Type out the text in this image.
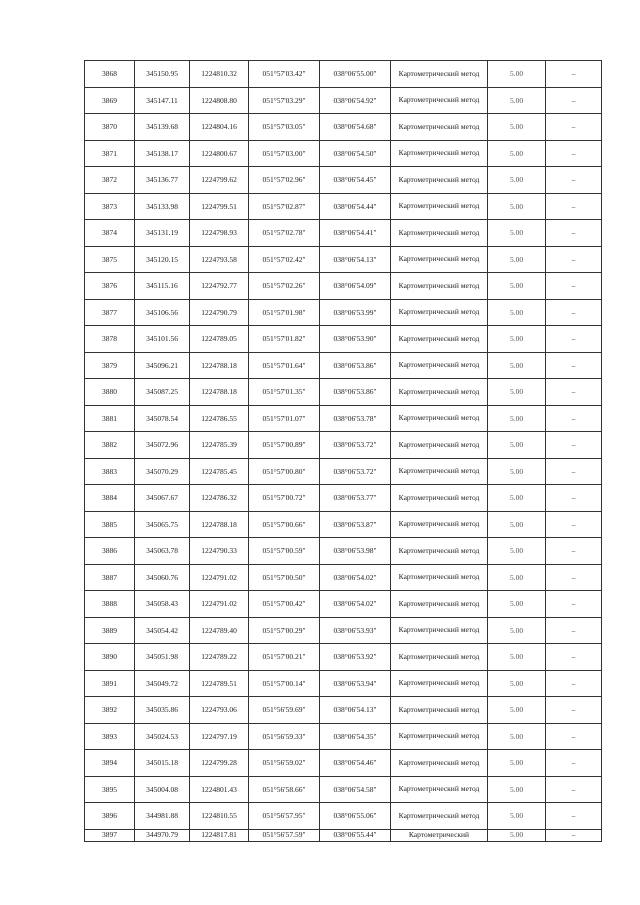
3868	345150.95	1224810.32	051°57'03.42"	038°06'55.00"	Картометрический метод	5.00	–
3869	345147.11	1224808.80	051°57'03.29"	038°06'54.92"	Картометрический метод	5.00	–
3870	345139.68	1224804.16	051°57'03.05"	038°06'54.68"	Картометрический метод	5.00	–
3871	345138.17	1224800.67	051°57'03.00"	038°06'54.50"	Картометрический метод	5.00	–
3872	345136.77	1224799.62	051°57'02.96"	038°06'54.45"	Картометрический метод	5.00	–
3873	345133.98	1224799.51	051°57'02.87"	038°06'54.44"	Картометрический метод	5.00	–
3874	345131.19	1224798.93	051°57'02.78"	038°06'54.41"	Картометрический метод	5.00	–
3875	345120.15	1224793.58	051°57'02.42"	038°06'54.13"	Картометрический метод	5.00	–
3876	345115.16	1224792.77	051°57'02.26"	038°06'54.09"	Картометрический метод	5.00	–
3877	345106.56	1224790.79	051°57'01.98"	038°06'53.99"	Картометрический метод	5.00	–
3878	345101.56	1224789.05	051°57'01.82"	038°06'53.90"	Картометрический метод	5.00	–
3879	345096.21	1224788.18	051°57'01.64"	038°06'53.86"	Картометрический метод	5.00	–
3880	345087.25	1224788.18	051°57'01.35"	038°06'53.86"	Картометрический метод	5.00	–
3881	345078.54	1224786.55	051°57'01.07"	038°06'53.78"	Картометрический метод	5.00	–
3882	345072.96	1224785.39	051°57'00.89"	038°06'53.72"	Картометрический метод	5.00	–
3883	345070.29	1224785.45	051°57'00.80"	038°06'53.72"	Картометрический метод	5.00	–
3884	345067.67	1224786.32	051°57'00.72"	038°06'53.77"	Картометрический метод	5.00	–
3885	345065.75	1224788.18	051°57'00.66"	038°06'53.87"	Картометрический метод	5.00	–
3886	345063.78	1224790.33	051°57'00.59"	038°06'53.98"	Картометрический метод	5.00	–
3887	345060.76	1224791.02	051°57'00.50"	038°06'54.02"	Картометрический метод	5.00	–
3888	345058.43	1224791.02	051°57'00.42"	038°06'54.02"	Картометрический метод	5.00	–
3889	345054.42	1224789.40	051°57'00.29"	038°06'53.93"	Картометрический метод	5.00	–
3890	345051.98	1224789.22	051°57'00.21"	038°06'53.92"	Картометрический метод	5.00	–
3891	345049.72	1224789.51	051°57'00.14"	038°06'53.94"	Картометрический метод	5.00	–
3892	345035.86	1224793.06	051°56'59.69"	038°06'54.13"	Картометрический метод	5.00	–
3893	345024.53	1224797.19	051°56'59.33"	038°06'54.35"	Картометрический метод	5.00	–
3894	345015.18	1224799.28	051°56'59.02"	038°06'54.46"	Картометрический метод	5.00	–
3895	345004.08	1224801.43	051°56'58.66"	038°06'54.58"	Картометрический метод	5.00	–
3896	344981.88	1224810.55	051°56'57.95"	038°06'55.06"	Картометрический метод	5.00	–
3897	344970.79	1224817.81	051°56'57.59"	038°06'55.44"	Картометрический	5.00	–
